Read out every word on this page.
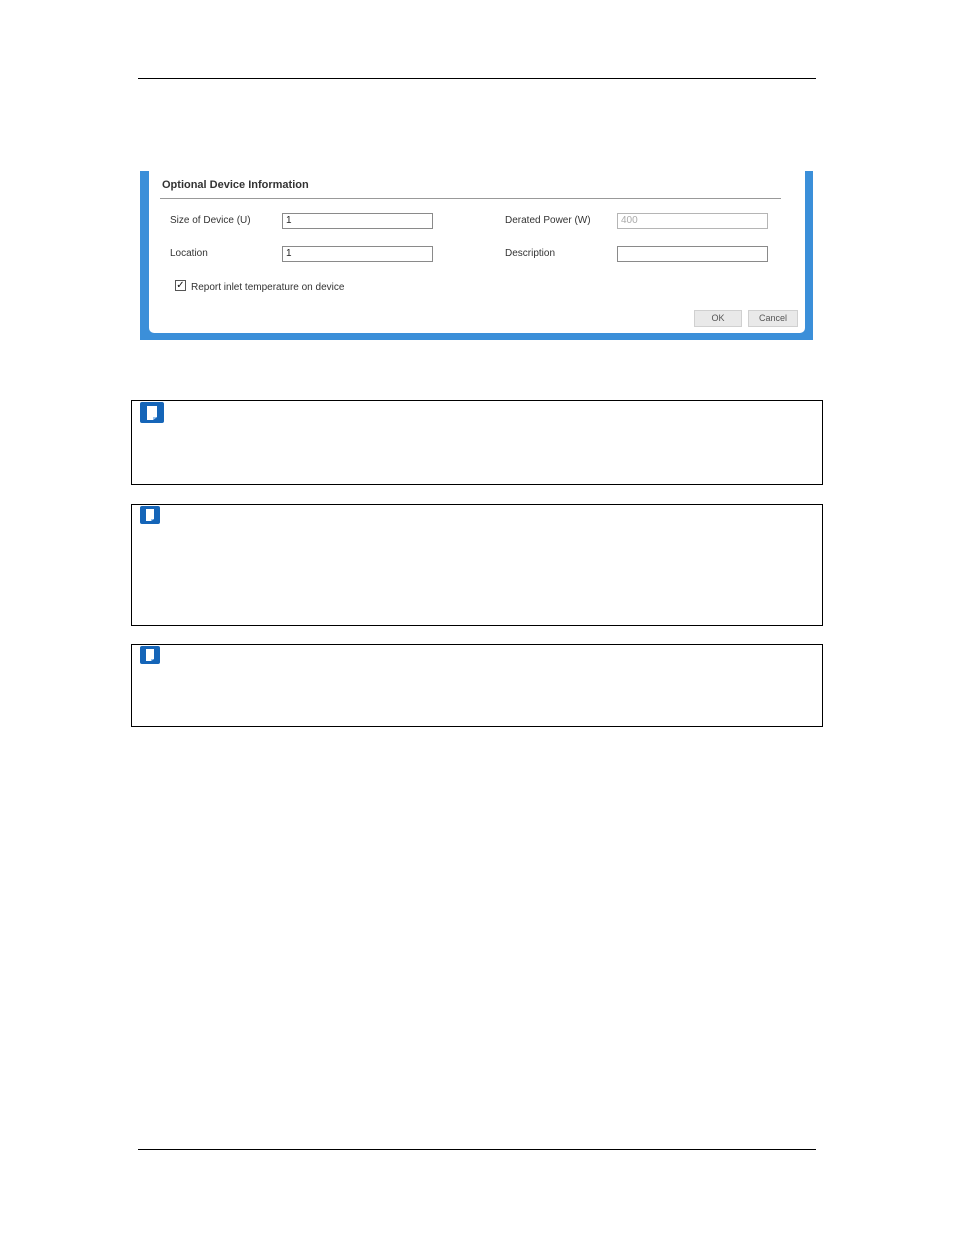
Optional Device Information
Size of Device (U)	1	Derated Power (W)	400
Location	1	Description
✓ Report inlet temperature on device
OK	Cancel
